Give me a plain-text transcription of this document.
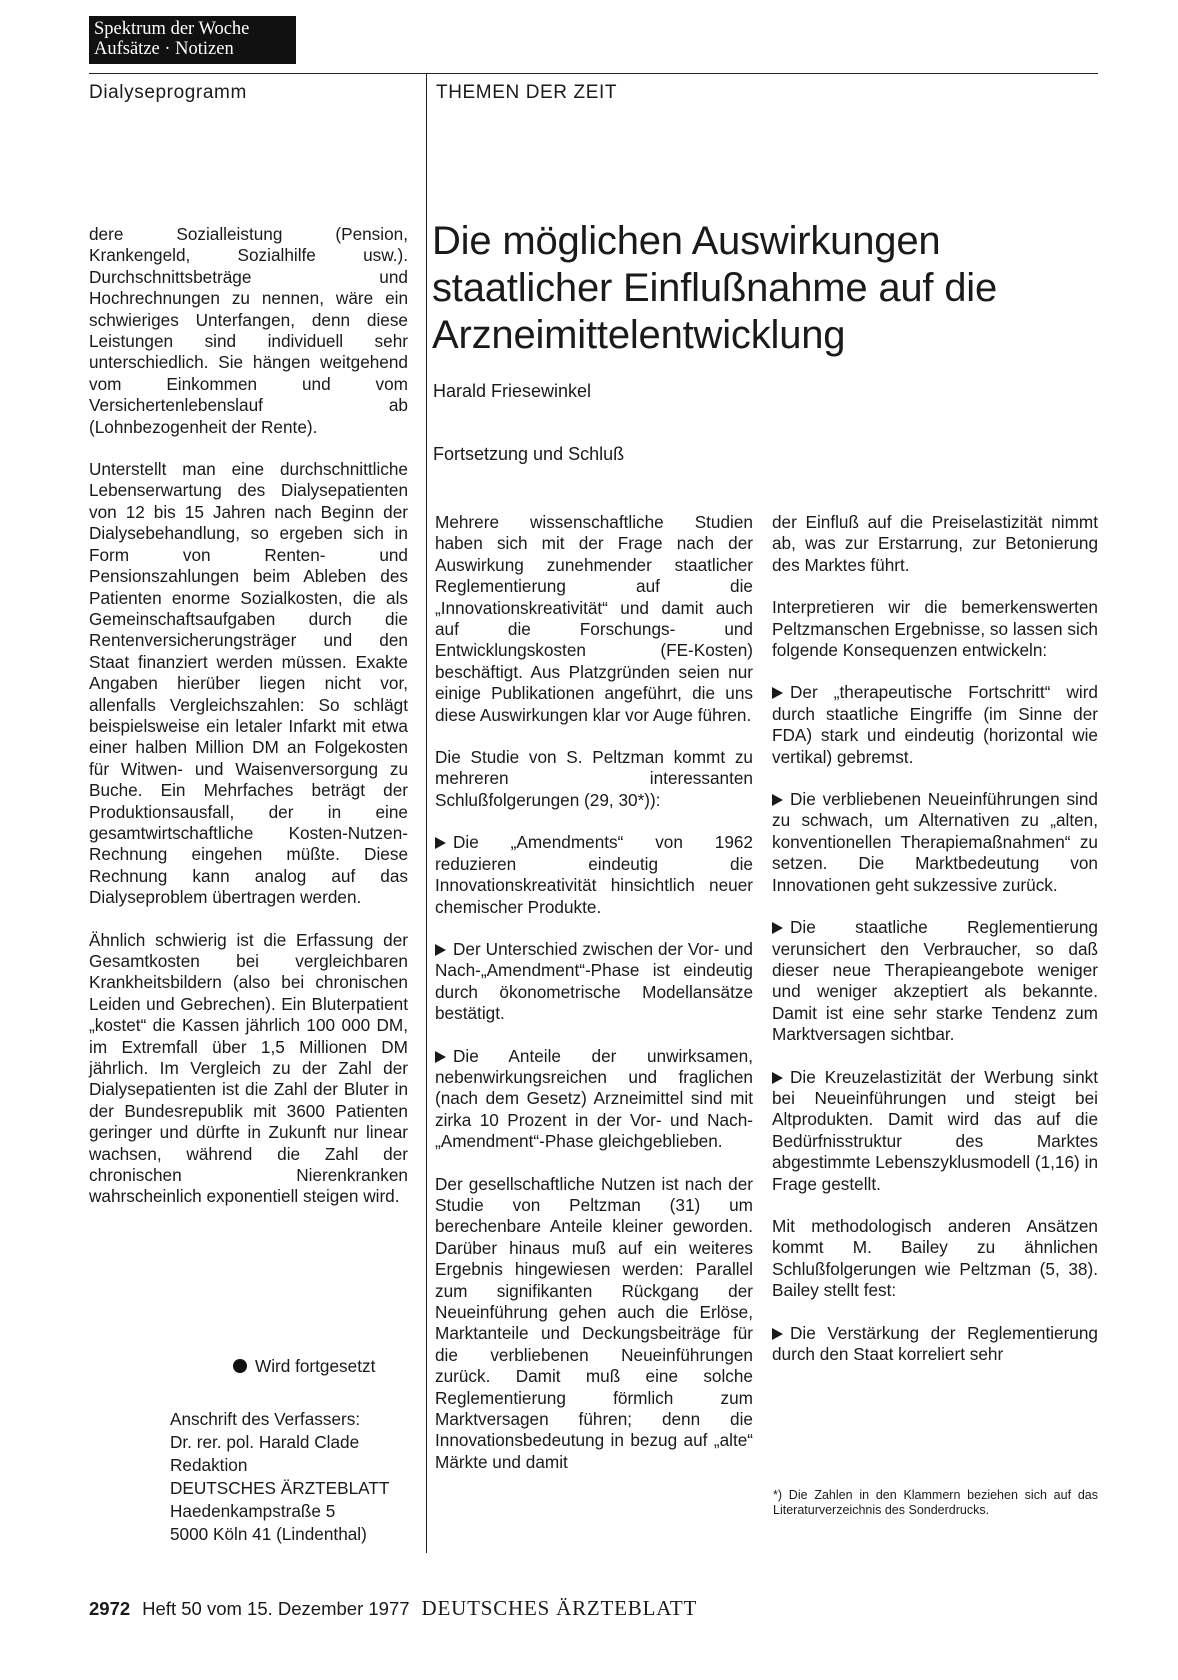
Spektrum der Woche
Aufsätze · Notizen
Dialyseprogramm	THEMEN DER ZEIT
Die möglichen Auswirkungen staatlicher Einflußnahme auf die Arzneimittelentwicklung
Harald Friesewinkel
Fortsetzung und Schluß

dere Sozialleistung (Pension, Krankengeld, Sozialhilfe usw.). Durchschnittsbeträge und Hochrechnungen zu nennen, wäre ein schwieriges Unterfangen, denn diese Leistungen sind individuell sehr unterschiedlich. Sie hängen weitgehend vom Einkommen und vom Versichertenlebenslauf ab (Lohnbezogenheit der Rente).

Unterstellt man eine durchschnittliche Lebenserwartung des Dialysepatienten von 12 bis 15 Jahren nach Beginn der Dialysebehandlung, so ergeben sich in Form von Renten- und Pensionszahlungen beim Ableben des Patienten enorme Sozialkosten, die als Gemeinschaftsaufgaben durch die Rentenversicherungsträger und den Staat finanziert werden müssen. Exakte Angaben hierüber liegen nicht vor, allenfalls Vergleichszahlen: So schlägt beispielsweise ein letaler Infarkt mit etwa einer halben Million DM an Folgekosten für Witwen- und Waisenversorgung zu Buche. Ein Mehrfaches beträgt der Produktionsausfall, der in eine gesamtwirtschaftliche Kosten-Nutzen-Rechnung eingehen müßte. Diese Rechnung kann analog auf das Dialyseproblem übertragen werden.

Ähnlich schwierig ist die Erfassung der Gesamtkosten bei vergleichbaren Krankheitsbildern (also bei chronischen Leiden und Gebrechen). Ein Bluterpatient „kostet“ die Kassen jährlich 100 000 DM, im Extremfall über 1,5 Millionen DM jährlich. Im Vergleich zu der Zahl der Dialysepatienten ist die Zahl der Bluter in der Bundesrepublik mit 3600 Patienten geringer und dürfte in Zukunft nur linear wachsen, während die Zahl der chronischen Nierenkranken wahrscheinlich exponentiell steigen wird.

Wird fortgesetzt
Anschrift des Verfassers:
Dr. rer. pol. Harald Clade
Redaktion
DEUTSCHES ÄRZTEBLATT
Haedenkampstraße 5
5000 Köln 41 (Lindenthal)

Mehrere wissenschaftliche Studien haben sich mit der Frage nach der Auswirkung zunehmender staatlicher Reglementierung auf die „Innovationskreativität“ und damit auch auf die Forschungs- und Entwicklungskosten (FE-Kosten) beschäftigt. Aus Platzgründen seien nur einige Publikationen angeführt, die uns diese Auswirkungen klar vor Auge führen.

Die Studie von S. Peltzman kommt zu mehreren interessanten Schlußfolgerungen (29, 30*)):

Die „Amendments“ von 1962 reduzieren eindeutig die Innovationskreativität hinsichtlich neuer chemischer Produkte.

Der Unterschied zwischen der Vor- und Nach-„Amendment“-Phase ist eindeutig durch ökonometrische Modellansätze bestätigt.

Die Anteile der unwirksamen, nebenwirkungsreichen und fraglichen (nach dem Gesetz) Arzneimittel sind mit zirka 10 Prozent in der Vor- und Nach-„Amendment“-Phase gleichgeblieben.

Der gesellschaftliche Nutzen ist nach der Studie von Peltzman (31) um berechenbare Anteile kleiner geworden. Darüber hinaus muß auf ein weiteres Ergebnis hingewiesen werden: Parallel zum signifikanten Rückgang der Neueinführung gehen auch die Erlöse, Marktanteile und Deckungsbeiträge für die verbliebenen Neueinführungen zurück. Damit muß eine solche Reglementierung förmlich zum Marktversagen führen; denn die Innovationsbedeutung in bezug auf „alte“ Märkte und damit

der Einfluß auf die Preiselastizität nimmt ab, was zur Erstarrung, zur Betonierung des Marktes führt.

Interpretieren wir die bemerkenswerten Peltzmanschen Ergebnisse, so lassen sich folgende Konsequenzen entwickeln:

Der „therapeutische Fortschritt“ wird durch staatliche Eingriffe (im Sinne der FDA) stark und eindeutig (horizontal wie vertikal) gebremst.

Die verbliebenen Neueinführungen sind zu schwach, um Alternativen zu „alten, konventionellen Therapiemaßnahmen“ zu setzen. Die Marktbedeutung von Innovationen geht sukzessive zurück.

Die staatliche Reglementierung verunsichert den Verbraucher, so daß dieser neue Therapieangebote weniger und weniger akzeptiert als bekannte. Damit ist eine sehr starke Tendenz zum Marktversagen sichtbar.

Die Kreuzelastizität der Werbung sinkt bei Neueinführungen und steigt bei Altprodukten. Damit wird das auf die Bedürfnisstruktur des Marktes abgestimmte Lebenszyklusmodell (1,16) in Frage gestellt.

Mit methodologisch anderen Ansätzen kommt M. Bailey zu ähnlichen Schlußfolgerungen wie Peltzman (5, 38). Bailey stellt fest:

Die Verstärkung der Reglementierung durch den Staat korreliert sehr

*) Die Zahlen in den Klammern beziehen sich auf das Literaturverzeichnis des Sonderdrucks.
2972 Heft 50 vom 15. Dezember 1977 DEUTSCHES ÄRZTEBLATT
